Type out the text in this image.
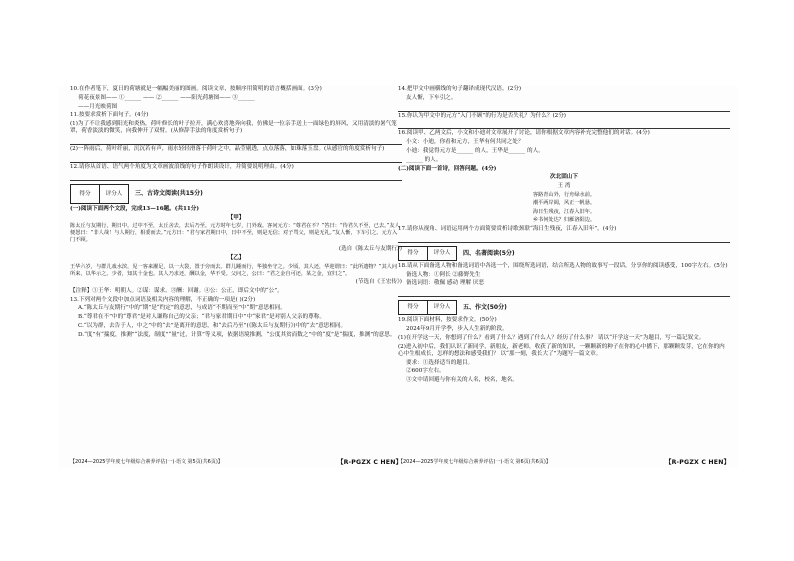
10.在作者笔下，夏日的荷塘就是一幅幅美丽的图画。阅读文章，按顺序用简明的语言概括画面。(3分)

荷花夜景图—— ①______ —— ②______ ——阳光荷塘图—— ③______

——月光映荷图

11.按要求赏析下面句子。(4分)

(1)为了不让我感到阳光和炎热，荷叶修长的叶子拉开，满心欢喜地奔向我，仿佛是一位亲手送上一面绿色的屏风，又用清淡的暑气笼罩，荷香淡淡的微笑，向我伸开了双臂。(从修辞手法的角度赏析句子)

(2)一阵雨后，荷叶纤丽，沉沉若有声，雨水轻轻滑落于荷叶之中，晶莹剔透，点点落落，如珠落玉盘。(从感官的角度赏析句子)

12.请你从首语、语气两个角度为文章画波浪线的句子作朗读设计，并简要说明理由。(4分)

得分	评分人	三、古诗文阅读(共15分)

(一)阅读下面两个文段，完成13—16题。(共11分)

【甲】

陈太丘与友期行，期日中。过中不至，太丘舍去，去后乃至。元方时年七岁，门外戏。客问元方：“尊君在不？”答曰：“待君久不至，已去。”友人便怒曰：“非人哉！与人期行，相委而去。”元方曰：“君与家君期日中，日中不至，则是无信；对子骂父，则是无礼。”友人惭，下车引之。元方入门不顾。

(选自《陈太丘与友期行》)

【乙】

王华六岁，与群儿戏水滨，见一客来濯足，以一大袋，置于旁而去。群儿踵而行，华独坐守之。少顷，其人还，华迎谓曰：“此所遗物？”其人问所来，以华示之。少者，知其十金也。其人乃求还，酬以金，华不受。父问之，公曰：“君之金自可还，某之金，宜归之”。

(节选自《王宏传》)

【注释】①王华：明朝人。②谋：谋求。③酬：回谢。④公：公正，即后文中的“公”。

13.下列对两个文段中加点词语及相关内容的理解，不正确的一项是( )(2分)

A.“陈太丘与友期行”中的“期”是“约定”的意思，与成语“不期而至”中“期”意思相同。

B.“尊君在不”中的“尊君”是对人谦称自己的父亲；“君与家君期日中”中“家君”是对别人父亲的尊称。

C.“以为群，去告于人，中之”中的“去”是离开的意思，和“去后乃至”(《陈太丘与友期行》)中的“去”意思相同。

D.“度”有“揣度，推测”“法度，制度”“量”过，计算”等义项，依据语境推测，“公度其贫而数之”中的“度”是“揣度，推测”的意思。

【2024—2025学年度七年级综合素养评估(一)·语文 第5页(共6页)】	【R-PGZX C HEN】

14.把甲文中画横线的句子翻译成现代汉语。(2分)

友人惭，下车引之。

15.你认为甲文中的元方“入门不顾”的行为是否失礼？为什么？(2分)

16.阅读甲、乙两文后，小文和小迪对文章展开了讨论，请你根据文章内容补充完整他们的对话。(4分)

小文：小迪，你看和元方，王华有何共同之处？

小迪：我觉得元方是______ 的人，王华是______ 的人。

______ 的人。

(二)阅读下面一首诗，回答问题。(4分)

次北固山下

王 湾

客路青山外，行舟绿水前。

潮平两岸阔，风正一帆悬。

海日生残夜，江春入旧年。

乡书何处达？归雁洛阳边。

17.请你从视角、词语运用两个方面简要赏析诗歌颈联“海日生残夜，江春入旧年”。(4分)

得分	评分人	四、名著阅读(5分)

18.请从下面备选人物和备选词语中各选一个，围绕所选词语，结合所选人物的故事写一段话，分享你的阅读感受，100字左右。(5分)

备选人物：①阿长 ②藤野先生

备选词语：敬佩 感动 理解 厌恶

得分	评分人	五、作文(50分)

19.阅读下面材料，按要求作文。(50分)

2024年9月开学季，步入人生新的阶段。

(1)在开学这一天，你想到了什么？看到了什么？遇到了什么人？经历了什么事？ 请以“开学这一天”为题目，写一篇记叙文。

(2)进入初中后，我们认识了新同学，新朋友，新老师，收获了新的知识，一颗颗新的种子在你的心中播下，那颗颗发芽，它在你的内心中生根成长，怎样的想法和感受我们？ 以“那一刻，我长大了”为题写一篇文章。

要求：①选择适当的题目。

②600字左右。

③文中请回避与你有关的人名，校名，地名。

【2024—2025学年度七年级综合素养评估(一)·语文 第6页(共6页)】	【R-PGZX C HEN】
